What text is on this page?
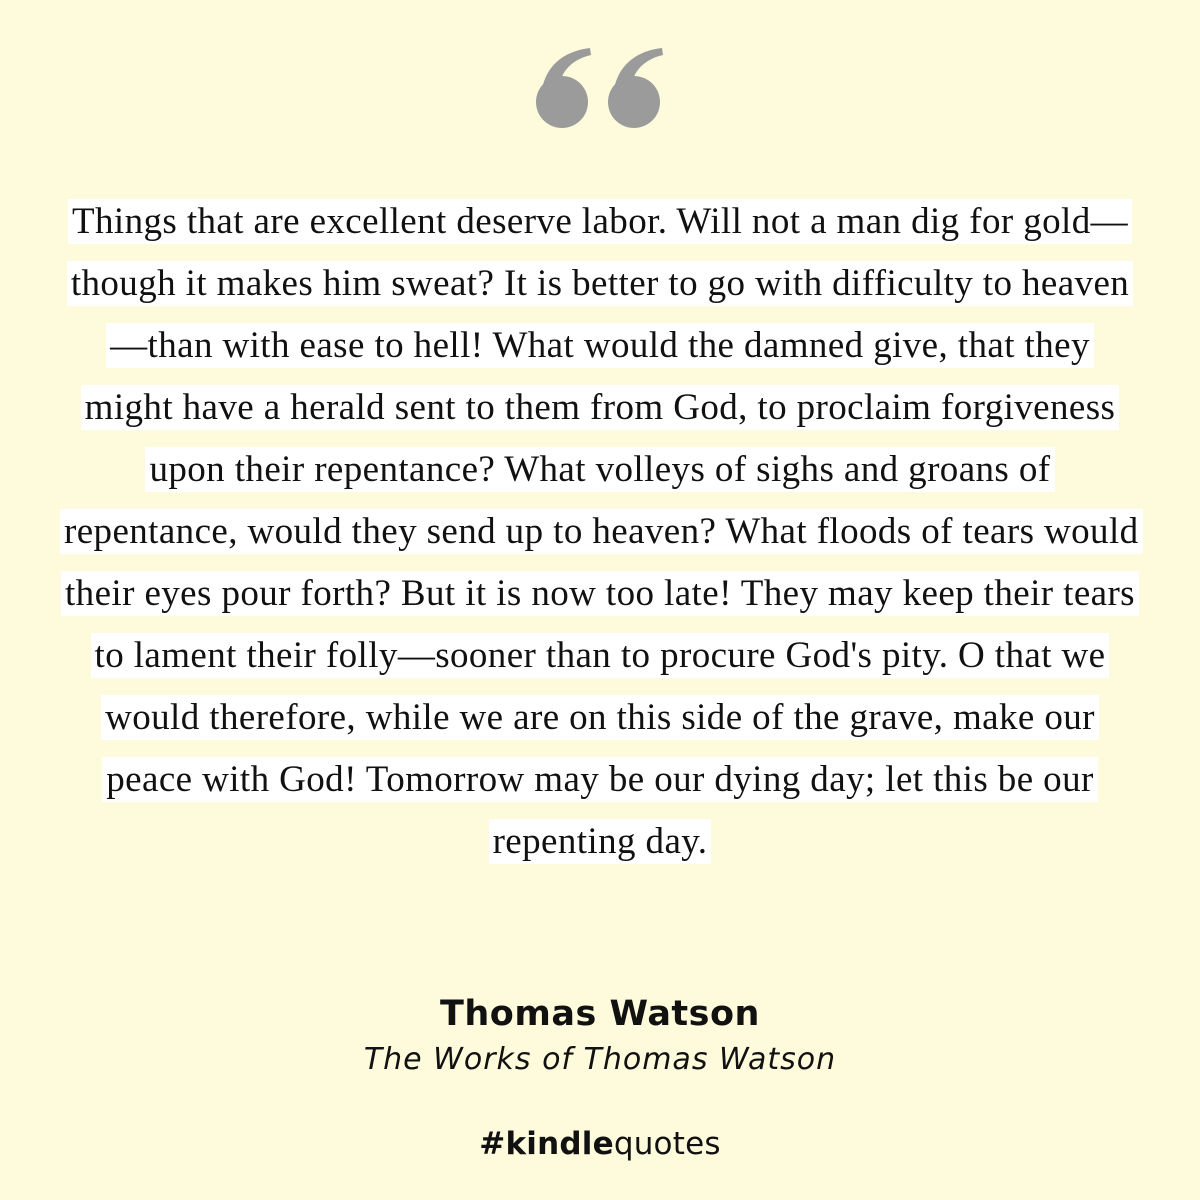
Things that are excellent deserve labor. Will not a man dig for gold—though it makes him sweat? It is better to go with difficulty to heaven—than with ease to hell! What would the damned give, that they might have a herald sent to them from God, to proclaim forgiveness upon their repentance? What volleys of sighs and groans of repentance, would they send up to heaven? What floods of tears would their eyes pour forth? But it is now too late! They may keep their tears to lament their folly—sooner than to procure God's pity. O that we would therefore, while we are on this side of the grave, make our peace with God! Tomorrow may be our dying day; let this be our repenting day.

Thomas Watson
The Works of Thomas Watson
#kindlequotes
